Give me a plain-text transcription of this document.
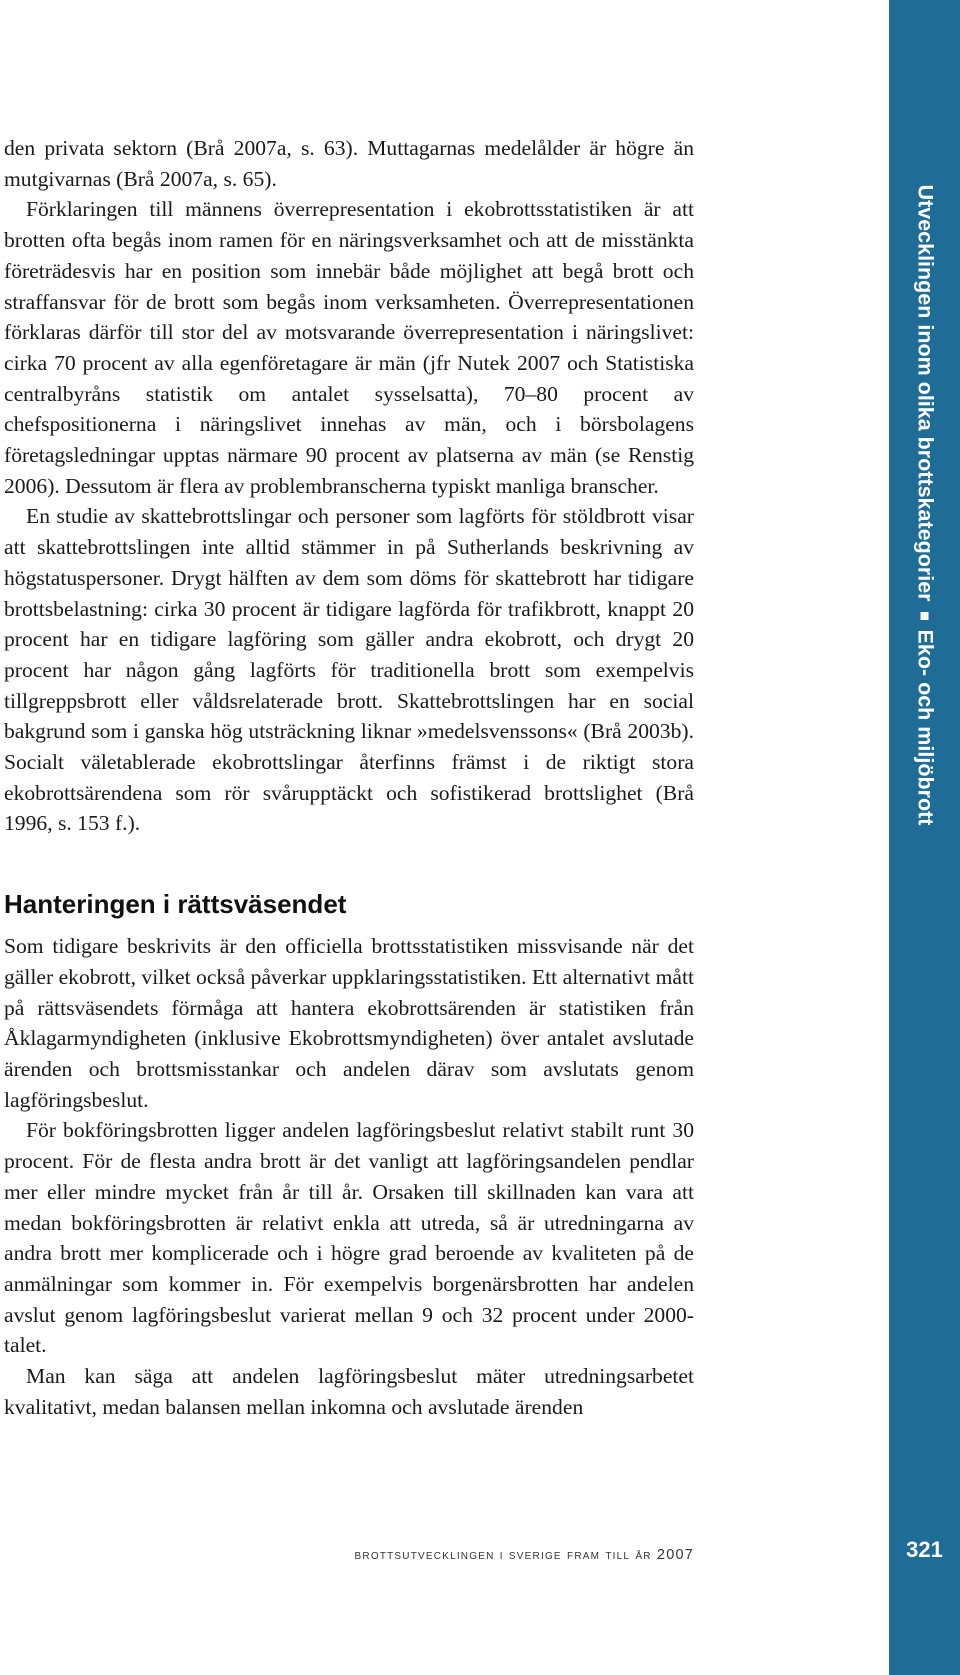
den privata sektorn (Brå 2007a, s. 63). Muttagarnas medelålder är högre än mutgivarnas (Brå 2007a, s. 65).

Förklaringen till männens överrepresentation i ekobrottsstatistiken är att brotten ofta begås inom ramen för en näringsverksamhet och att de misstänkta företrädesvis har en position som innebär både möjlighet att begå brott och straffansvar för de brott som begås inom verksamheten. Överrepresentationen förklaras därför till stor del av motsvarande överrepresentation i näringslivet: cirka 70 procent av alla egenföretagare är män (jfr Nutek 2007 och Statistiska centralbyråns statistik om antalet sysselsatta), 70–80 procent av chefspositionerna i näringslivet innehas av män, och i börsbolagens företagsledningar upptas närmare 90 procent av platserna av män (se Renstig 2006). Dessutom är flera av problembranscherna typiskt manliga branscher.

En studie av skattebrottslingar och personer som lagförts för stöldbrott visar att skattebrottslingen inte alltid stämmer in på Sutherlands beskrivning av högstatuspersoner. Drygt hälften av dem som döms för skattebrott har tidigare brottsbelastning: cirka 30 procent är tidigare lagförda för trafikbrott, knappt 20 procent har en tidigare lagföring som gäller andra ekobrott, och drygt 20 procent har någon gång lagförts för traditionella brott som exempelvis tillgreppsbrott eller våldsrelaterade brott. Skattebrottslingen har en social bakgrund som i ganska hög utsträckning liknar »medelsvenssons« (Brå 2003b). Socialt väletablerade ekobrottslingar återfinns främst i de riktigt stora ekobrottsärendena som rör svårupptäckt och sofistikerad brottslighet (Brå 1996, s. 153 f.).

Hanteringen i rättsväsendet

Som tidigare beskrivits är den officiella brottsstatistiken missvisande när det gäller ekobrott, vilket också påverkar uppklaringsstatistiken. Ett alternativt mått på rättsväsendets förmåga att hantera ekobrottsärenden är statistiken från Åklagarmyndigheten (inklusive Ekobrottsmyndigheten) över antalet avslutade ärenden och brottsmisstankar och andelen därav som avslutats genom lagföringsbeslut.

För bokföringsbrotten ligger andelen lagföringsbeslut relativt stabilt runt 30 procent. För de flesta andra brott är det vanligt att lagföringsandelen pendlar mer eller mindre mycket från år till år. Orsaken till skillnaden kan vara att medan bokföringsbrotten är relativt enkla att utreda, så är utredningarna av andra brott mer komplicerade och i högre grad beroende av kvaliteten på de anmälningar som kommer in. För exempelvis borgenärsbrotten har andelen avslut genom lagföringsbeslut varierat mellan 9 och 32 procent under 2000-talet.

Man kan säga att andelen lagföringsbeslut mäter utredningsarbetet kvalitativt, medan balansen mellan inkomna och avslutade ärenden

brottsutvecklingen i sverige fram till år 2007
Utvecklingen inom olika brottskategorierEko- och miljöbrott
321
